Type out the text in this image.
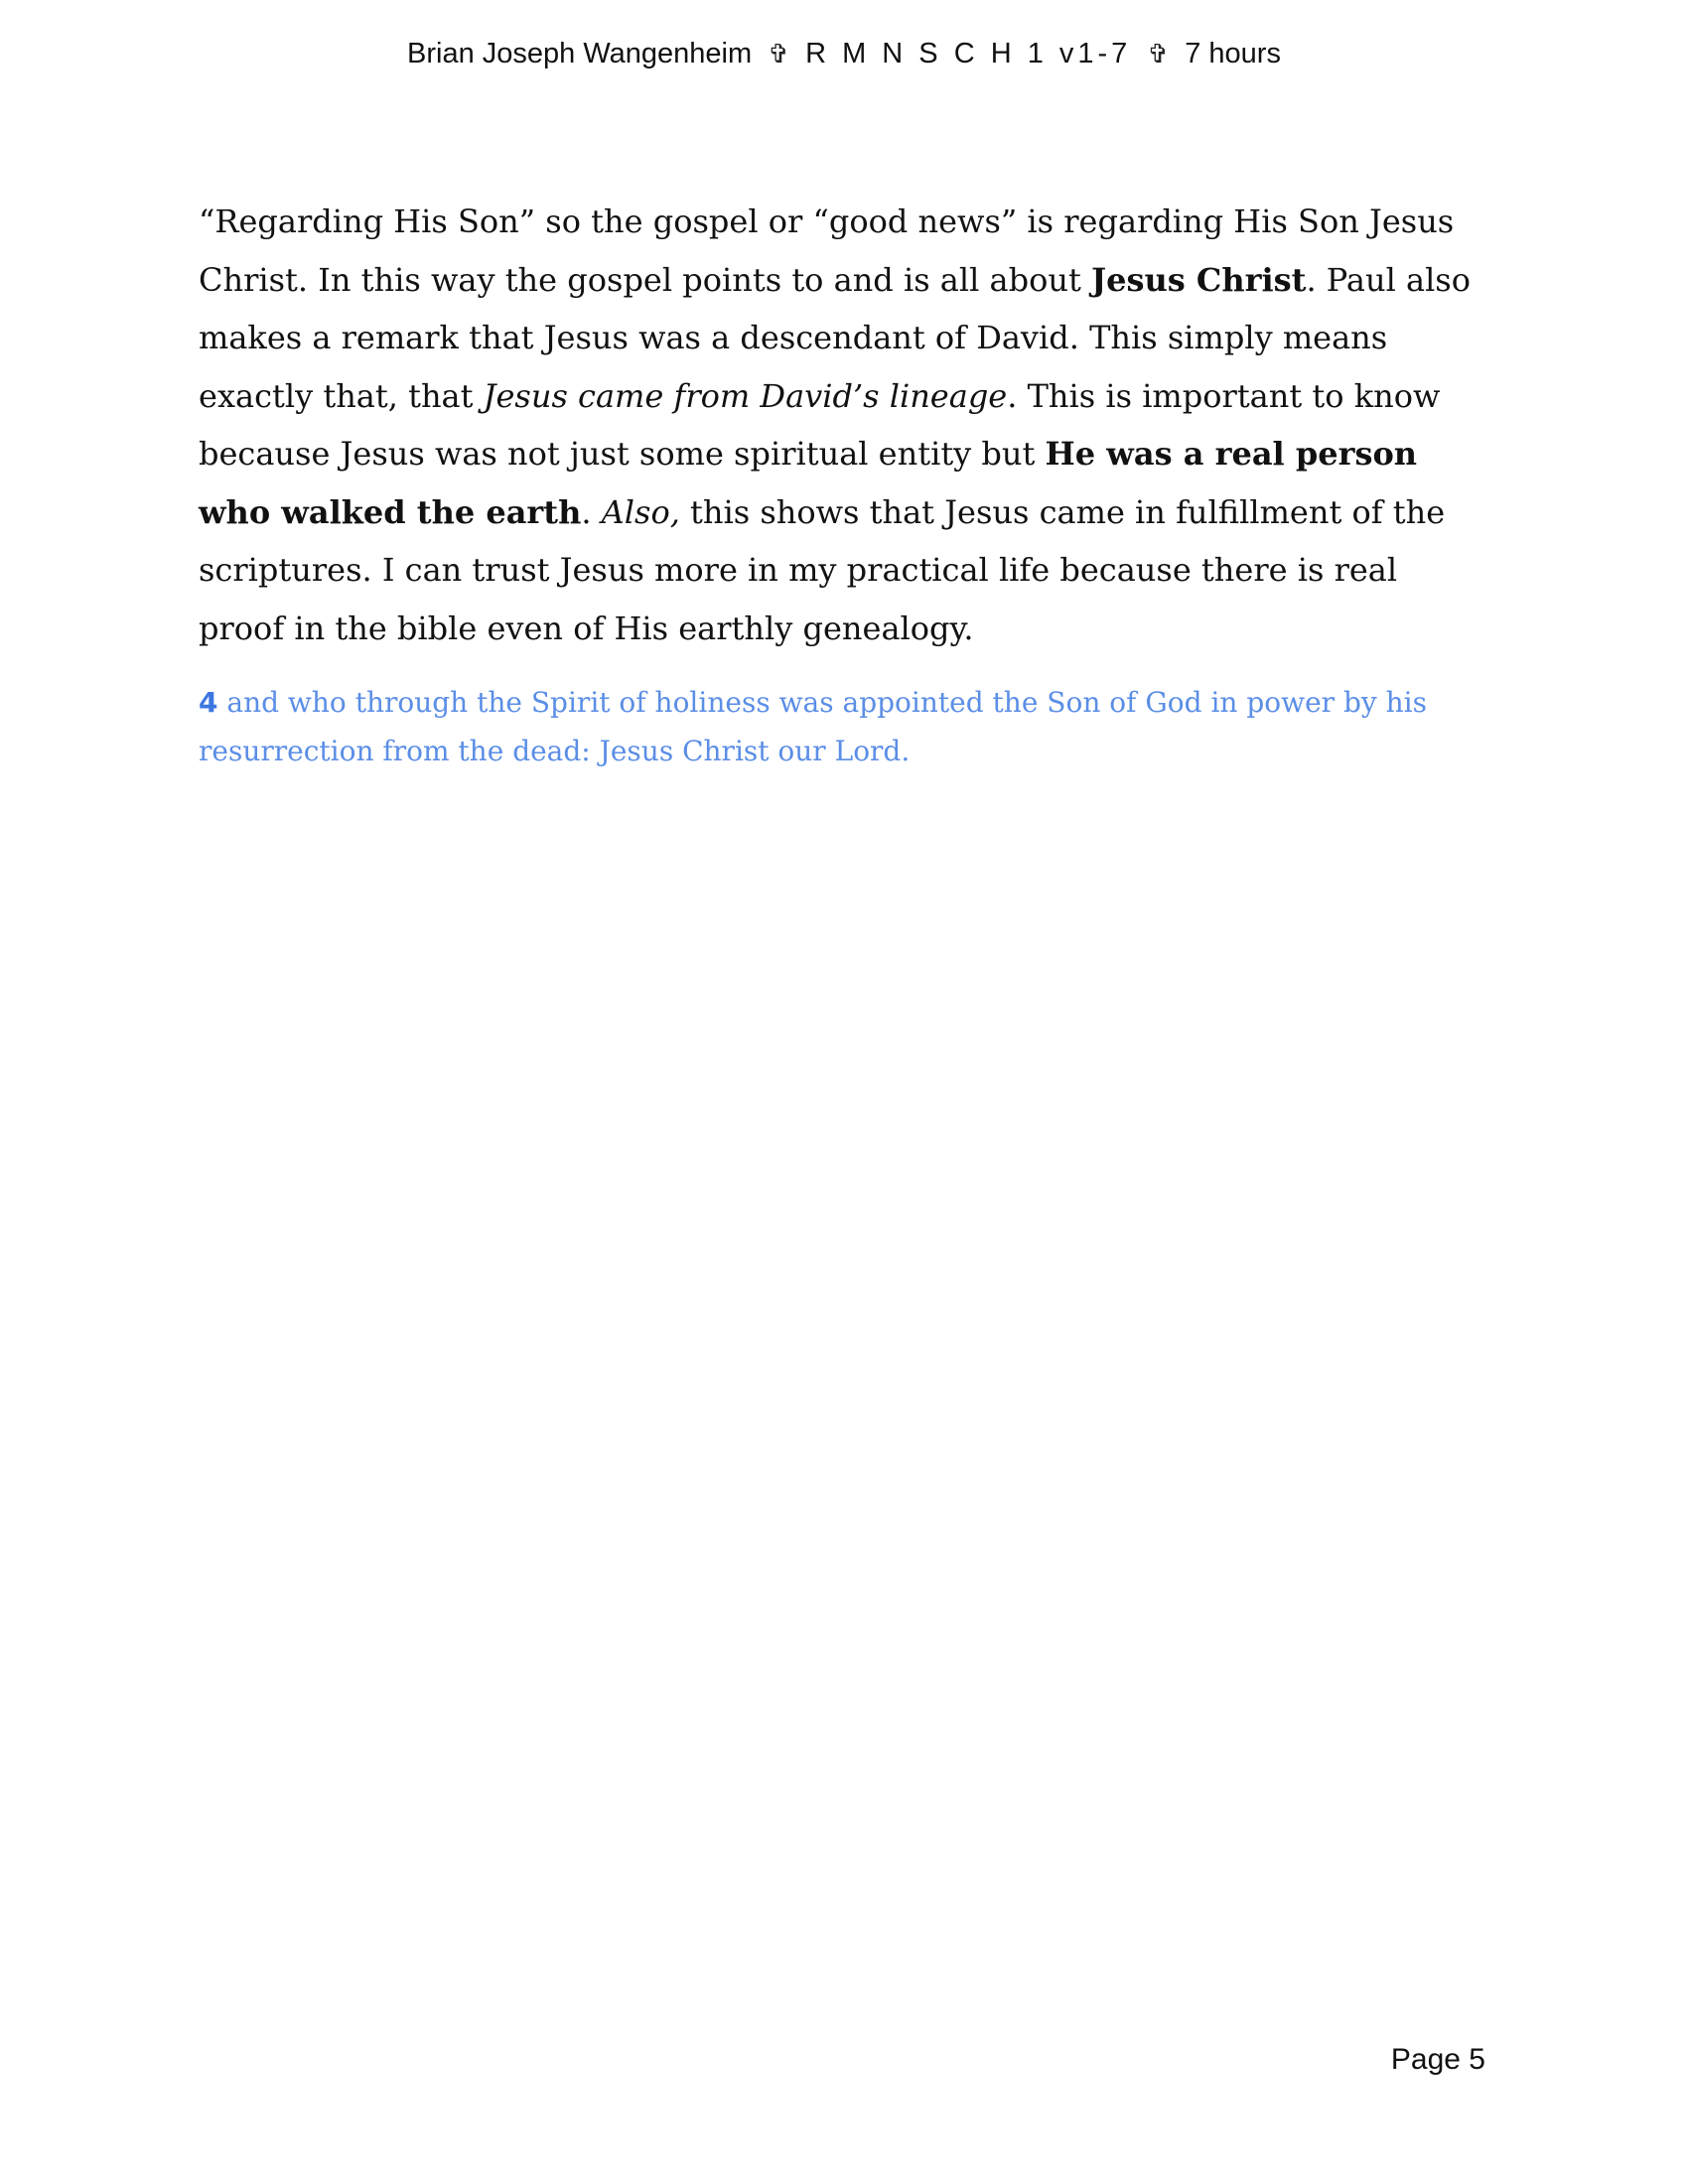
Brian Joseph Wangenheim ✞ R M N S C H 1 v1-7 ✞ 7 hours

“Regarding His Son” so the gospel or “good news” is regarding His Son Jesus
Christ. In this way the gospel points to and is all about Jesus Christ. Paul also
makes a remark that Jesus was a descendant of David. This simply means
exactly that, that Jesus came from David’s lineage. This is important to know
because Jesus was not just some spiritual entity but He was a real person
who walked the earth. Also, this shows that Jesus came in fulfillment of the
scriptures. I can trust Jesus more in my practical life because there is real
proof in the bible even of His earthly genealogy.

4 and who through the Spirit of holiness was appointed the Son of God in power by his
resurrection from the dead: Jesus Christ our Lord.

Page 5
